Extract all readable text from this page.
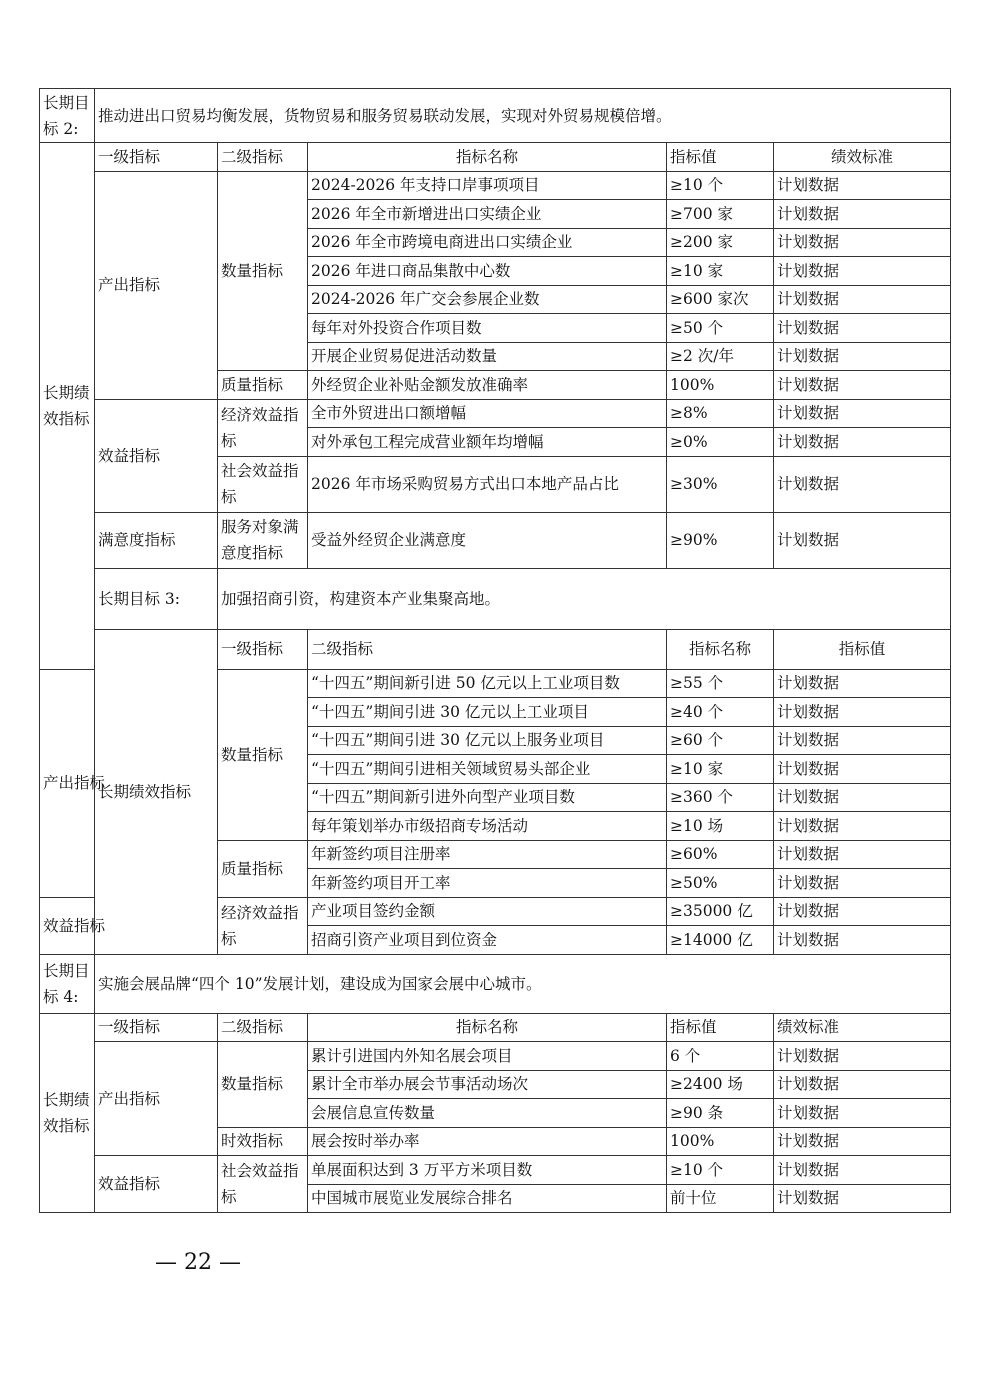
长期目标 2:	推动进出口贸易均衡发展，货物贸易和服务贸易联动发展，实现对外贸易规模倍增。					
长期绩效指标	一级指标	二级指标	指标名称	指标值	绩效标准	
	产出指标	数量指标	2024-2026 年支持口岸事项项目	≥10 个	计划数据	
			2026 年全市新增进出口实绩企业	≥700 家	计划数据	
			2026 年全市跨境电商进出口实绩企业	≥200 家	计划数据	
			2026 年进口商品集散中心数	≥10 家	计划数据	
			2024-2026 年广交会参展企业数	≥600 家次	计划数据	
			每年对外投资合作项目数	≥50 个	计划数据	
			开展企业贸易促进活动数量	≥2 次/年	计划数据	
		质量指标	外经贸企业补贴金额发放准确率	100%	计划数据	
	效益指标	经济效益指标	全市外贸进出口额增幅	≥8%	计划数据	
			对外承包工程完成营业额年均增幅	≥0%	计划数据	
		社会效益指标	2026 年市场采购贸易方式出口本地产品占比	≥30%	计划数据	
	满意度指标	服务对象满意度指标	受益外经贸企业满意度	≥90%	计划数据	
	长期目标 3:	加强招商引资，构建资本产业集聚高地。				
	长期绩效指标	一级指标	二级指标	指标名称	指标值	
产出指标		数量指标	“十四五”期间新引进 50 亿元以上工业项目数	≥55 个	计划数据	
			“十四五”期间引进 30 亿元以上工业项目	≥40 个	计划数据	
			“十四五”期间引进 30 亿元以上服务业项目	≥60 个	计划数据	
			“十四五”期间引进相关领域贸易头部企业	≥10 家	计划数据	
			“十四五”期间新引进外向型产业项目数	≥360 个	计划数据	
			每年策划举办市级招商专场活动	≥10 场	计划数据	
		质量指标	年新签约项目注册率	≥60%	计划数据	
			年新签约项目开工率	≥50%	计划数据	
效益指标		经济效益指标	产业项目签约金额	≥35000 亿	计划数据	
			招商引资产业项目到位资金	≥14000 亿	计划数据	
长期目标 4:	实施会展品牌“四个 10”发展计划，建设成为国家会展中心城市。					
长期绩效指标	一级指标	二级指标	指标名称	指标值	绩效标准	
	产出指标	数量指标	累计引进国内外知名展会项目	6 个	计划数据	
			累计全市举办展会节事活动场次	≥2400 场	计划数据	
			会展信息宣传数量	≥90 条	计划数据	
		时效指标	展会按时举办率	100%	计划数据	
	效益指标	社会效益指标	单展面积达到 3 万平方米项目数	≥10 个	计划数据	
			中国城市展览业发展综合排名	前十位	计划数据	
— 22 —
